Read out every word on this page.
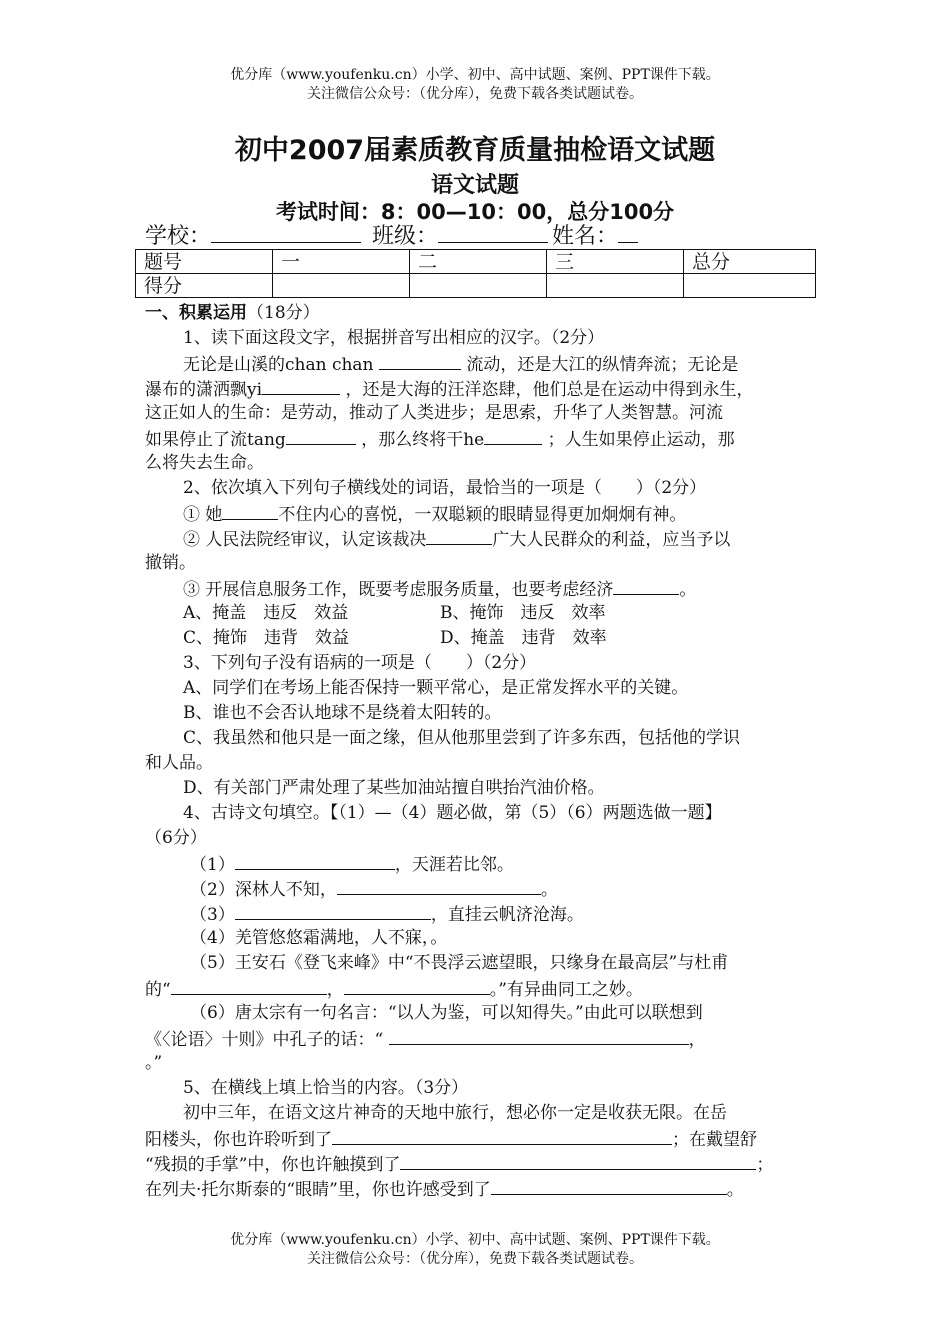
优分库（www.youfenku.cn）小学、初中、高中试题、案例、PPT课件下载。
关注微信公众号：（优分库），免费下载各类试题试卷。
初中2007届素质教育质量抽检语文试题
语文试题
考试时间：8：00—10：00，总分100分
学校：	班级：	姓名：
题号	一	二	三	总分
得分				
一、积累运用（18分）
1、读下面这段文字，根据拼音写出相应的汉字。（2分）
无论是山溪的chan chan	流动，还是大江的纵情奔流；无论是
瀑布的潇洒飘yi	，还是大海的汪洋恣肆，他们总是在运动中得到永生，
这正如人的生命：是劳动，推动了人类进步；是思索，升华了人类智慧。河流
如果停止了流tang	，那么终将干he	；人生如果停止运动，那
么将失去生命。
2、依次填入下列句子横线处的词语，最恰当的一项是（　　）（2分）
① 她	不住内心的喜悦，一双聪颖的眼睛显得更加炯炯有神。
② 人民法院经审议，认定该裁决	广大人民群众的利益，应当予以
撤销。
③ 开展信息服务工作，既要考虑服务质量，也要考虑经济	。
A、掩盖　违反　效益	B、掩饰　违反　效率
C、掩饰　违背　效益	D、掩盖　违背　效率
3、下列句子没有语病的一项是（　　）（2分）
A、同学们在考场上能否保持一颗平常心，是正常发挥水平的关键。
B、谁也不会否认地球不是绕着太阳转的。
C、我虽然和他只是一面之缘，但从他那里尝到了许多东西，包括他的学识
和人品。
D、有关部门严肃处理了某些加油站擅自哄抬汽油价格。
4、古诗文句填空。【（1）—（4）题必做，第（5）（6）两题选做一题】
（6分）
（1）	，天涯若比邻。
（2）深林人不知，	。
（3）	，直挂云帆济沧海。
（4）羌管悠悠霜满地，人不寐，。
（5）王安石《登飞来峰》中“不畏浮云遮望眼，只缘身在最高层”与杜甫
的“	，	。”有异曲同工之妙。
（6）唐太宗有一句名言：“以人为鉴，可以知得失。”由此可以联想到
《〈论语〉十则》中孔子的话：“	，
。”
5、在横线上填上恰当的内容。（3分）
初中三年，在语文这片神奇的天地中旅行，想必你一定是收获无限。在岳
阳楼头，你也许聆听到了	；在戴望舒
“残损的手掌”中，你也许触摸到了	；
在列夫·托尔斯泰的“眼睛”里，你也许感受到了	。
优分库（www.youfenku.cn）小学、初中、高中试题、案例、PPT课件下载。
关注微信公众号：（优分库），免费下载各类试题试卷。
